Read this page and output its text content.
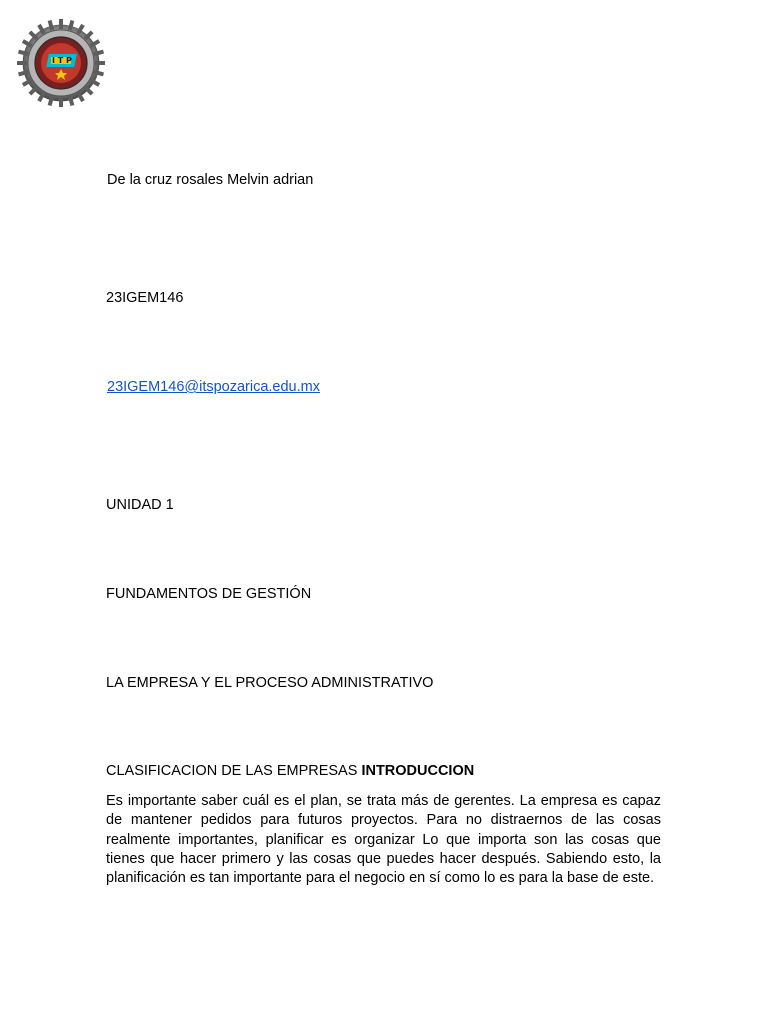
I T P
De la cruz rosales Melvin adrian
23IGEM146
23IGEM146@itspozarica.edu.mx
UNIDAD 1
FUNDAMENTOS DE GESTIÓN
LA EMPRESA Y EL PROCESO ADMINISTRATIVO
CLASIFICACION DE LAS EMPRESAS INTRODUCCION
Es importante saber cuál es el plan, se trata más de gerentes. La empresa es capaz de mantener pedidos para futuros proyectos. Para no distraernos de las cosas realmente importantes, planificar es organizar Lo que importa son las cosas que tienes que hacer primero y las cosas que puedes hacer después. Sabiendo esto, la planificación es tan importante para el negocio en sí como lo es para la base de este.
